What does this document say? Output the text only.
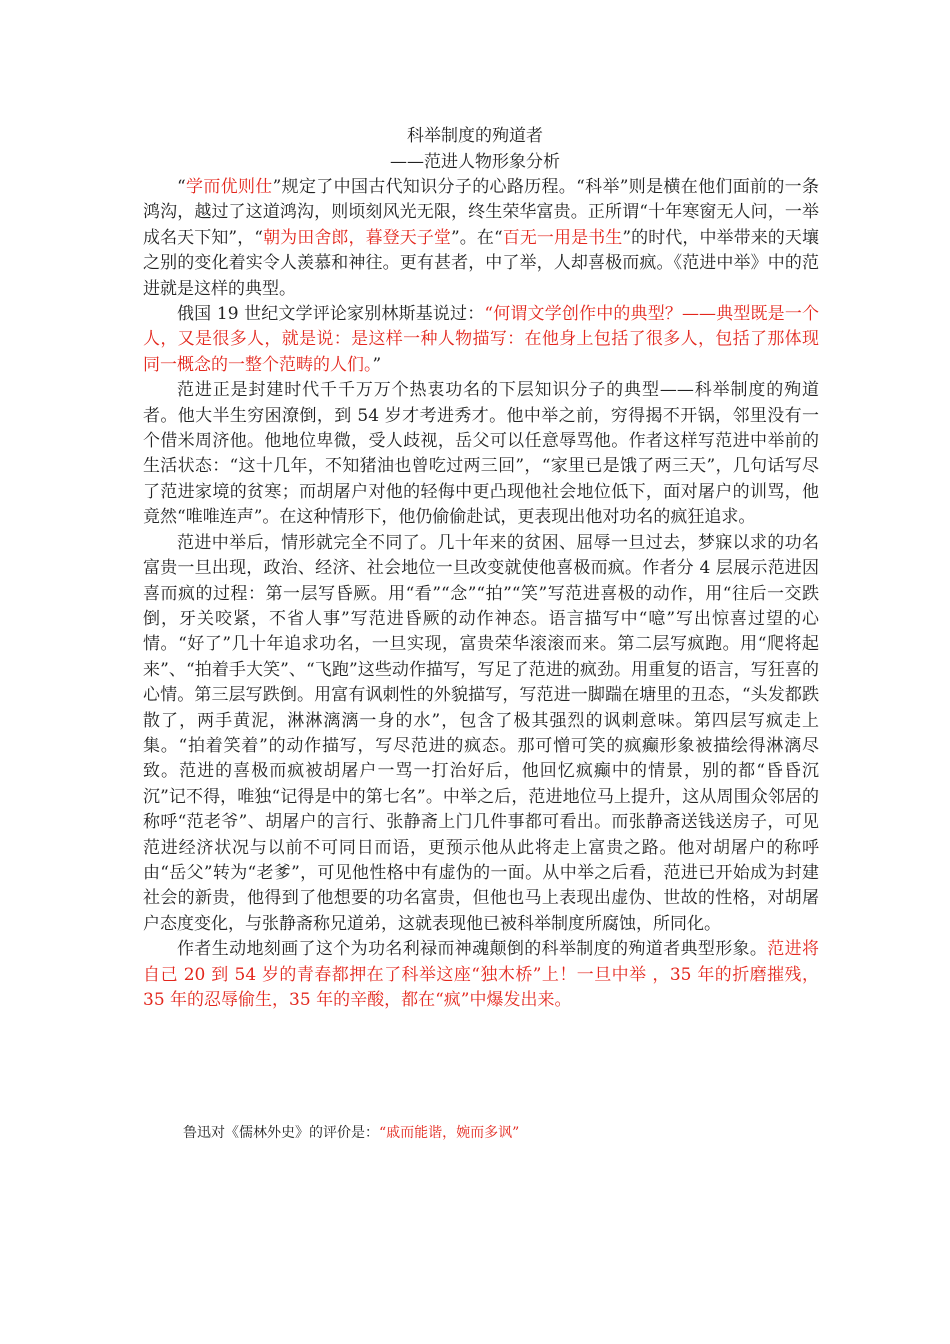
科举制度的殉道者
——范进人物形象分析

“学而优则仕”规定了中国古代知识分子的心路历程。“科举”则是横在他们面前的一条鸿沟，越过了这道鸿沟，则顷刻风光无限，终生荣华富贵。正所谓“十年寒窗无人问，一举成名天下知”，“朝为田舍郎，暮登天子堂”。在“百无一用是书生”的时代，中举带来的天壤之别的变化着实令人羡慕和神往。更有甚者，中了举，人却喜极而疯。《范进中举》中的范进就是这样的典型。

俄国 19 世纪文学评论家别林斯基说过：“何谓文学创作中的典型？——典型既是一个人，又是很多人，就是说：是这样一种人物描写：在他身上包括了很多人，包括了那体现同一概念的一整个范畴的人们。”

范进正是封建时代千千万万个热衷功名的下层知识分子的典型——科举制度的殉道者。他大半生穷困潦倒，到 54 岁才考进秀才。他中举之前，穷得揭不开锅，邻里没有一个借米周济他。他地位卑微，受人歧视，岳父可以任意辱骂他。作者这样写范进中举前的生活状态：“这十几年，不知猪油也曾吃过两三回”，“家里已是饿了两三天”，几句话写尽了范进家境的贫寒；而胡屠户对他的轻侮中更凸现他社会地位低下，面对屠户的训骂，他竟然“唯唯连声”。在这种情形下，他仍偷偷赴试，更表现出他对功名的疯狂追求。

范进中举后，情形就完全不同了。几十年来的贫困、屈辱一旦过去，梦寐以求的功名富贵一旦出现，政治、经济、社会地位一旦改变就使他喜极而疯。作者分 4 层展示范进因喜而疯的过程：第一层写昏厥。用“看”“念”“拍”“笑”写范进喜极的动作，用“往后一交跌倒，牙关咬紧，不省人事”写范进昏厥的动作神态。语言描写中“噫”写出惊喜过望的心情。“好了”几十年追求功名，一旦实现，富贵荣华滚滚而来。第二层写疯跑。用“爬将起来”、“拍着手大笑”、“飞跑”这些动作描写，写足了范进的疯劲。用重复的语言，写狂喜的心情。第三层写跌倒。用富有讽刺性的外貌描写，写范进一脚踹在塘里的丑态，“头发都跌散了，两手黄泥，淋淋漓漓一身的水”，包含了极其强烈的讽刺意味。第四层写疯走上集。“拍着笑着”的动作描写，写尽范进的疯态。那可憎可笑的疯癫形象被描绘得淋漓尽致。范进的喜极而疯被胡屠户一骂一打治好后，他回忆疯癫中的情景，别的都“昏昏沉沉”记不得，唯独“记得是中的第七名”。中举之后，范进地位马上提升，这从周围众邻居的称呼“范老爷”、胡屠户的言行、张静斋上门几件事都可看出。而张静斋送钱送房子，可见范进经济状况与以前不可同日而语，更预示他从此将走上富贵之路。他对胡屠户的称呼由“岳父”转为“老爹”，可见他性格中有虚伪的一面。从中举之后看，范进已开始成为封建社会的新贵，他得到了他想要的功名富贵，但他也马上表现出虚伪、世故的性格，对胡屠户态度变化，与张静斋称兄道弟，这就表现他已被科举制度所腐蚀，所同化。

作者生动地刻画了这个为功名利禄而神魂颠倒的科举制度的殉道者典型形象。范进将自己 20 到 54 岁的青春都押在了科举这座“独木桥”上！一旦中举 ，35 年的折磨摧残，35 年的忍辱偷生，35 年的辛酸，都在“疯”中爆发出来。

鲁迅对《儒林外史》的评价是：“戚而能谐，婉而多讽”
